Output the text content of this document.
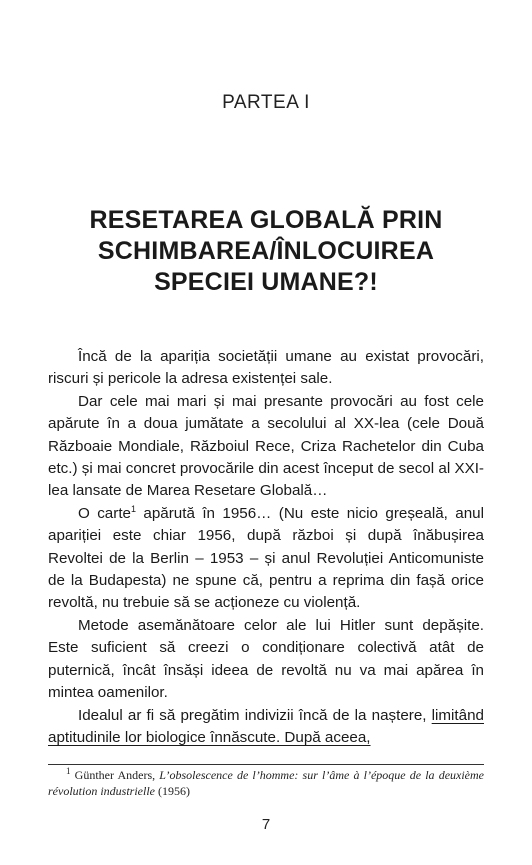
PARTEA I
RESETAREA GLOBALĂ PRIN
SCHIMBAREA/ÎNLOCUIREA
SPECIEI UMANE?!

Încă de la apariția societății umane au existat provocări, riscuri și pericole la adresa existenței sale.

Dar cele mai mari și mai presante provocări au fost cele apărute în a doua jumătate a secolului al XX-lea (cele Două Războaie Mondiale, Războiul Rece, Criza Rachetelor din Cuba etc.) și mai concret provocările din acest început de secol al XXI-lea lansate de Marea Resetare Globală…

O carte$^1$ apărută în 1956… (Nu este nicio greșeală, anul apariției este chiar 1956, după război și după înăbușirea Revoltei de la Berlin – 1953 – și anul Revoluției Anticomuniste de la Budapesta) ne spune că, pentru a reprima din fașă orice revoltă, nu trebuie să se acționeze cu violență.

Metode asemănătoare celor ale lui Hitler sunt depășite. Este suficient să creezi o condiționare colectivă atât de puternică, încât însăși ideea de revoltă nu va mai apărea în mintea oamenilor.

Idealul ar fi să pregătim indivizii încă de la naștere, limitând aptitudinile lor biologice înnăscute. După aceea,

$^1$ Günther Anders, L’obsolescence de l’homme: sur l’âme à l’époque de la deuxième révolution industrielle (1956)
7
